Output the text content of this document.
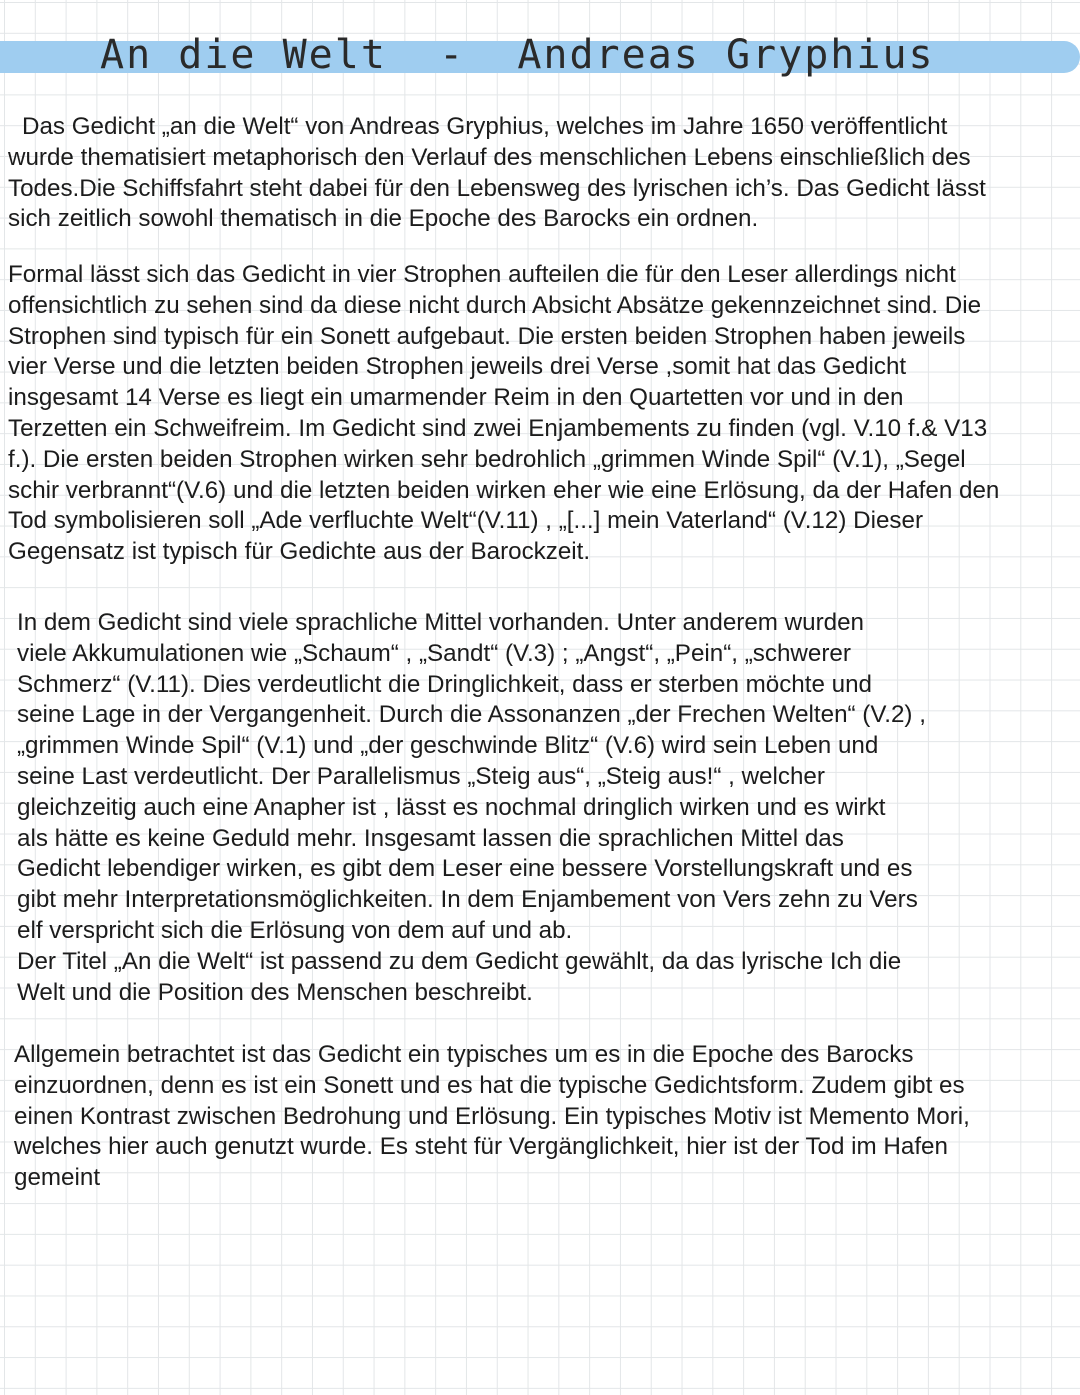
An die Welt  -  Andreas Gryphius
Das Gedicht „an die Welt“ von Andreas Gryphius, welches im Jahre 1650 veröffentlicht
wurde thematisiert metaphorisch den Verlauf des menschlichen Lebens einschließlich des
Todes.Die Schiffsfahrt steht dabei für den Lebensweg des lyrischen ich’s. Das Gedicht lässt
sich zeitlich sowohl thematisch in die Epoche des Barocks ein ordnen.
Formal lässt sich das Gedicht in vier Strophen aufteilen die für den Leser allerdings nicht
offensichtlich zu sehen sind da diese nicht durch Absicht Absätze gekennzeichnet sind. Die
Strophen sind typisch für ein Sonett aufgebaut. Die ersten beiden Strophen haben jeweils
vier Verse und die letzten beiden Strophen jeweils drei Verse ,somit hat das Gedicht
insgesamt 14 Verse es liegt ein umarmender Reim in den Quartetten vor und in den
Terzetten ein Schweifreim. Im Gedicht sind zwei Enjambements zu finden (vgl. V.10 f.& V13
f.). Die ersten beiden Strophen wirken sehr bedrohlich „grimmen Winde Spil“ (V.1), „Segel
schir verbrannt“(V.6) und die letzten beiden wirken eher wie eine Erlösung, da der Hafen den
Tod symbolisieren soll „Ade verfluchte Welt“(V.11) , „[...] mein Vaterland“ (V.12) Dieser
Gegensatz ist typisch für Gedichte aus der Barockzeit.
In dem Gedicht sind viele sprachliche Mittel vorhanden. Unter anderem wurden
viele Akkumulationen wie „Schaum“ , „Sandt“ (V.3) ; „Angst“, „Pein“, „schwerer
Schmerz“ (V.11). Dies verdeutlicht die Dringlichkeit, dass er sterben möchte und
seine Lage in der Vergangenheit. Durch die Assonanzen „der Frechen Welten“ (V.2) ,
„grimmen Winde Spil“ (V.1) und „der geschwinde Blitz“ (V.6) wird sein Leben und
seine Last verdeutlicht. Der Parallelismus „Steig aus“, „Steig aus!“ , welcher
gleichzeitig auch eine Anapher ist , lässt es nochmal dringlich wirken und es wirkt
als hätte es keine Geduld mehr. Insgesamt lassen die sprachlichen Mittel das
Gedicht lebendiger wirken, es gibt dem Leser eine bessere Vorstellungskraft und es
gibt mehr Interpretationsmöglichkeiten. In dem Enjambement von Vers zehn zu Vers
elf verspricht sich die Erlösung von dem auf und ab.
Der Titel „An die Welt“ ist passend zu dem Gedicht gewählt, da das lyrische Ich die
Welt und die Position des Menschen beschreibt.
Allgemein betrachtet ist das Gedicht ein typisches um es in die Epoche des Barocks
einzuordnen, denn es ist ein Sonett und es hat die typische Gedichtsform. Zudem gibt es
einen Kontrast zwischen Bedrohung und Erlösung. Ein typisches Motiv ist Memento Mori,
welches hier auch genutzt wurde. Es steht für Vergänglichkeit, hier ist der Tod im Hafen
gemeint
